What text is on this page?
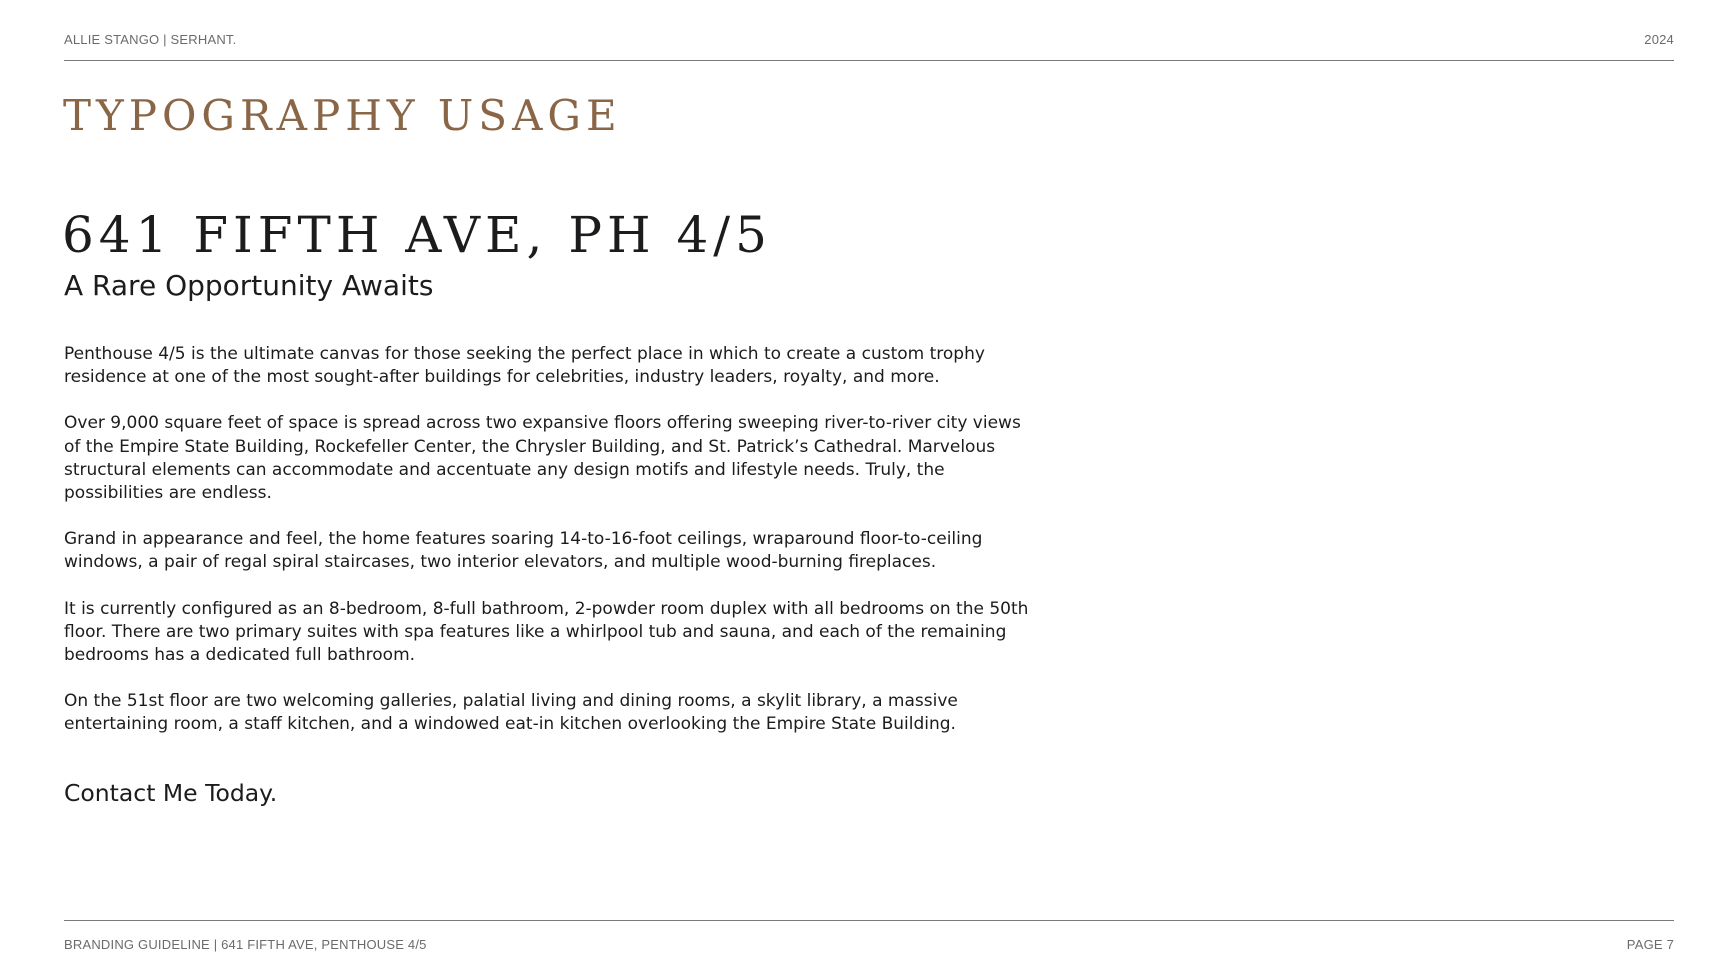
ALLIE STANGO | SERHANT.	2024
TYPOGRAPHY USAGE
641 FIFTH AVE, PH 4/5
A Rare Opportunity Awaits

Penthouse 4/5 is the ultimate canvas for those seeking the perfect place in which to create a custom trophy
residence at one of the most sought-after buildings for celebrities, industry leaders, royalty, and more.

Over 9,000 square feet of space is spread across two expansive floors offering sweeping river-to-river city views
of the Empire State Building, Rockefeller Center, the Chrysler Building, and St. Patrick’s Cathedral. Marvelous
structural elements can accommodate and accentuate any design motifs and lifestyle needs. Truly, the
possibilities are endless.

Grand in appearance and feel, the home features soaring 14-to-16-foot ceilings, wraparound floor-to-ceiling
windows, a pair of regal spiral staircases, two interior elevators, and multiple wood-burning fireplaces.

It is currently configured as an 8-bedroom, 8-full bathroom, 2-powder room duplex with all bedrooms on the 50th
floor. There are two primary suites with spa features like a whirlpool tub and sauna, and each of the remaining
bedrooms has a dedicated full bathroom.

On the 51st floor are two welcoming galleries, palatial living and dining rooms, a skylit library, a massive
entertaining room, a staff kitchen, and a windowed eat-in kitchen overlooking the Empire State Building.

Contact Me Today.

BRANDING GUIDELINE | 641 FIFTH AVE, PENTHOUSE 4/5	PAGE 7
